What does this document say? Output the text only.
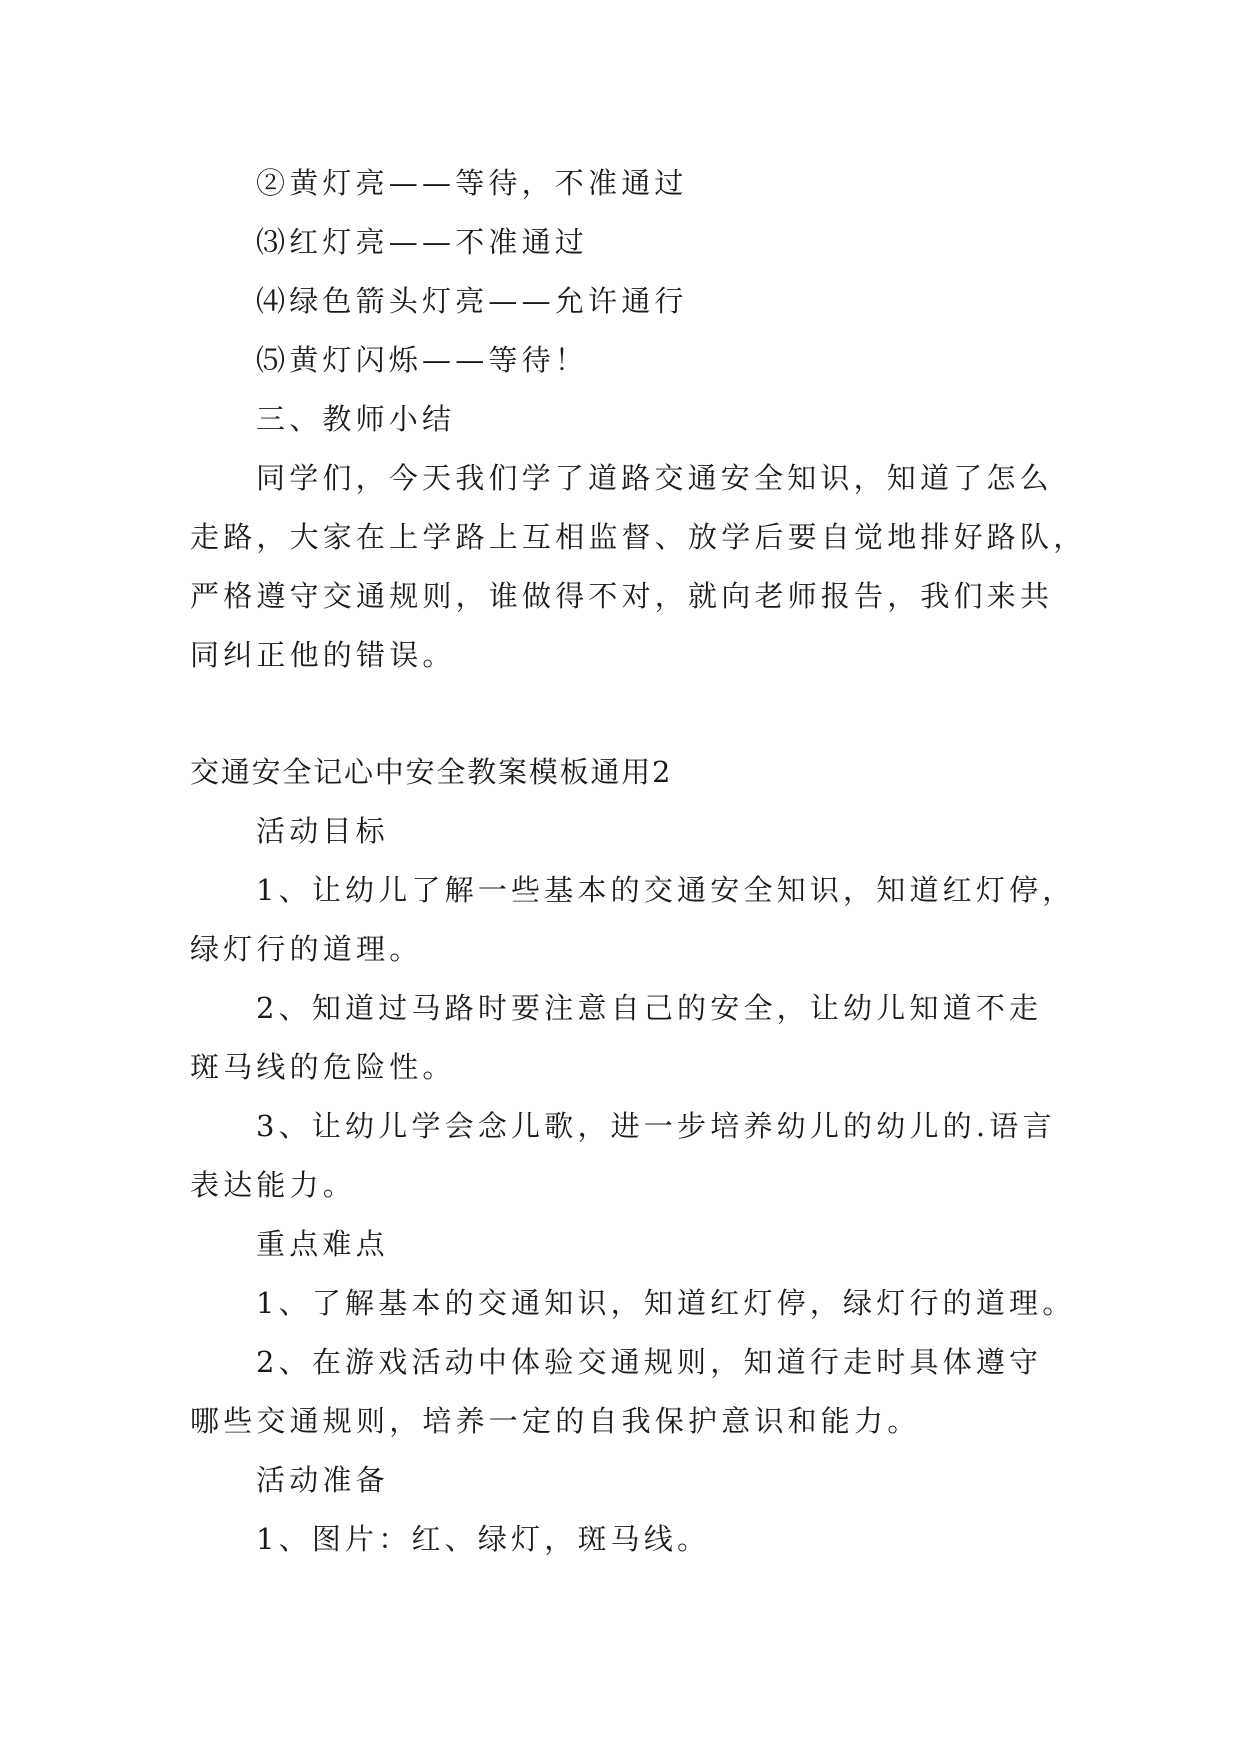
②黄灯亮——等待，不准通过
⑶红灯亮——不准通过
⑷绿色箭头灯亮——允许通行
⑸黄灯闪烁——等待！
三、教师小结
同学们，今天我们学了道路交通安全知识，知道了怎么
走路，大家在上学路上互相监督、放学后要自觉地排好路队，
严格遵守交通规则，谁做得不对，就向老师报告，我们来共
同纠正他的错误。
交通安全记心中安全教案模板通用2
活动目标
1、让幼儿了解一些基本的交通安全知识，知道红灯停，
绿灯行的道理。
2、知道过马路时要注意自己的安全，让幼儿知道不走
斑马线的危险性。
3、让幼儿学会念儿歌，进一步培养幼儿的幼儿的.语言
表达能力。
重点难点
1、了解基本的交通知识，知道红灯停，绿灯行的道理。
2、在游戏活动中体验交通规则，知道行走时具体遵守
哪些交通规则，培养一定的自我保护意识和能力。
活动准备
1、图片：红、绿灯，斑马线。
